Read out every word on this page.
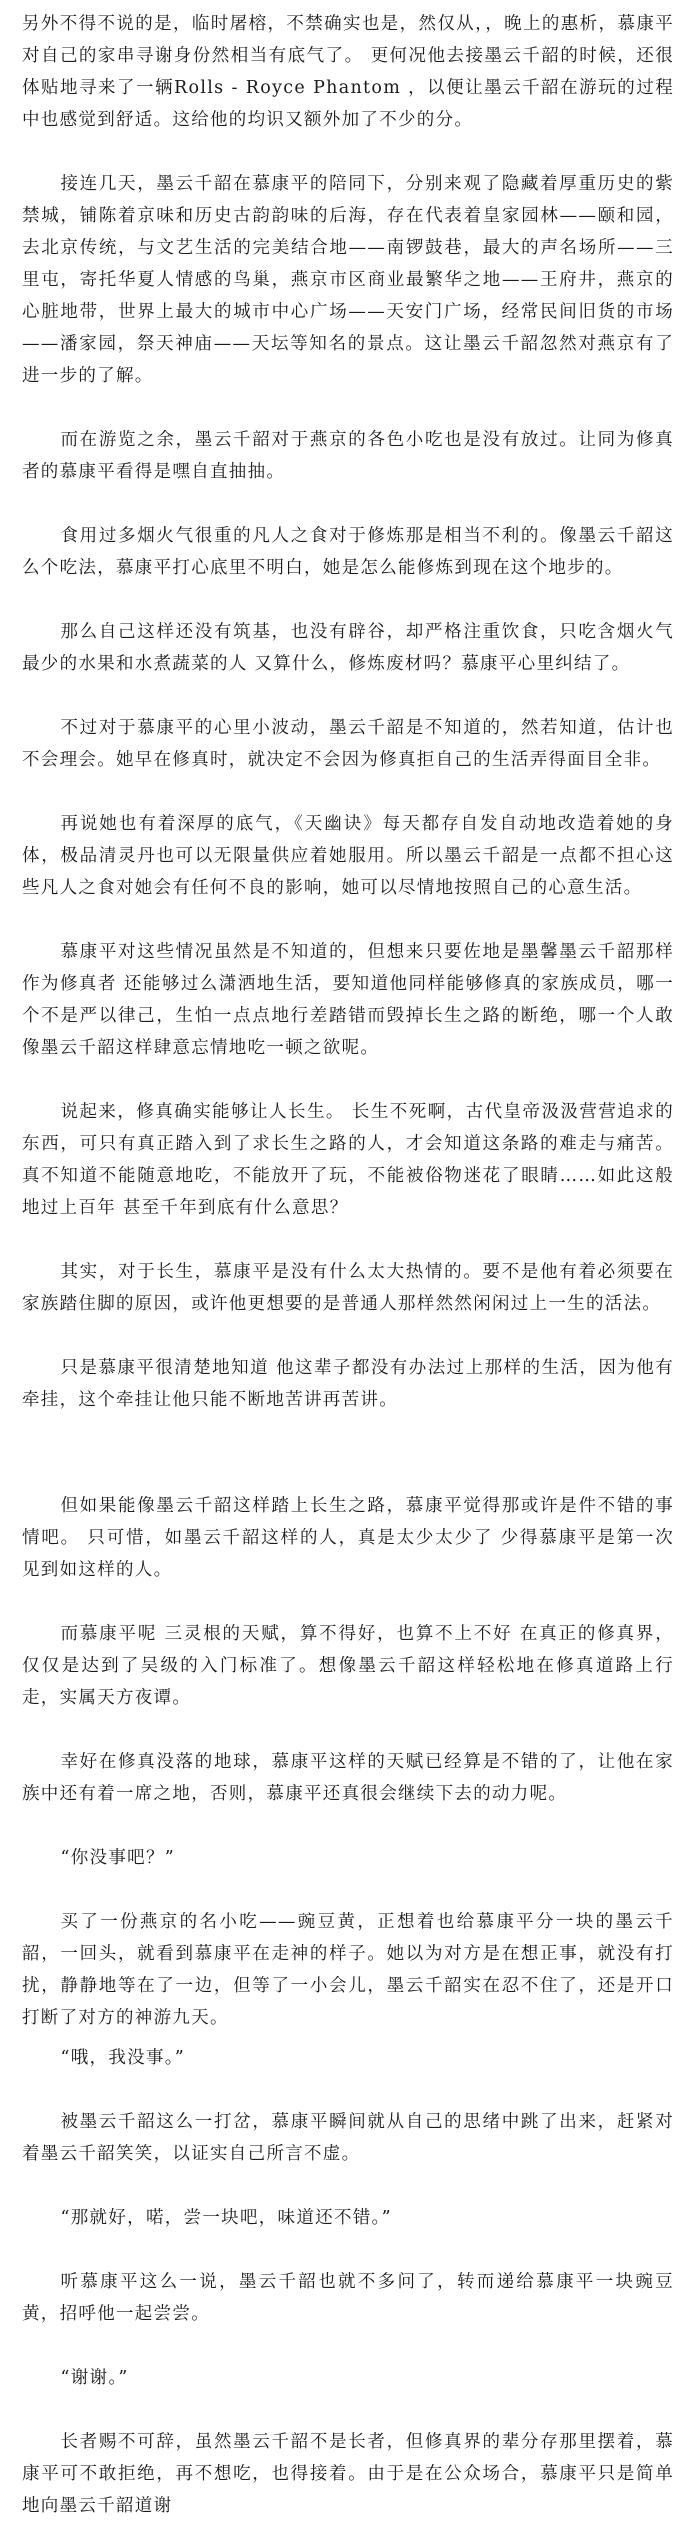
另外不得不说的是，临时屠榕，不禁确实也是，然仅从，，晚上的惠析，慕康平对自己的家串寻谢身份然相当有底气了。 更何况他去接墨云千韶的时候，还很体贴地寻来了一辆Rolls - Royce Phantom ，以便让墨云千韶在游玩的过程中也感觉到舒适。这给他的均识又额外加了不少的分。

接连几天，墨云千韶在慕康平的陪同下，分别来观了隐藏着厚重历史的紫禁城，铺陈着京味和历史古韵韵味的后海，存在代表着皇家园林——颐和园，去北京传统，与文艺生活的完美结合地——南锣鼓巷，最大的声名场所——三里屯，寄托华夏人情感的鸟巢，燕京市区商业最繁华之地——王府井，燕京的心脏地带，世界上最大的城市中心广场——天安门广场，经常民间旧货的市场——潘家园，祭天神庙——天坛等知名的景点。这让墨云千韶忽然对燕京有了进一步的了解。

而在游览之余，墨云千韶对于燕京的各色小吃也是没有放过。让同为修真者的慕康平看得是嘿自直抽抽。

食用过多烟火气很重的凡人之食对于修炼那是相当不利的。像墨云千韶这么个吃法，慕康平打心底里不明白，她是怎么能修炼到现在这个地步的。

那么自己这样还没有筑基，也没有辟谷，却严格注重饮食，只吃含烟火气最少的水果和水煮蔬菜的人 又算什么，修炼废材吗？慕康平心里纠结了。

不过对于慕康平的心里小波动，墨云千韶是不知道的，然若知道，估计也不会理会。她早在修真时，就决定不会因为修真拒自己的生活弄得面目全非。

再说她也有着深厚的底气，《天幽诀》每天都存自发自动地改造着她的身体，极品清灵丹也可以无限量供应着她服用。所以墨云千韶是一点都不担心这些凡人之食对她会有任何不良的影响，她可以尽情地按照自己的心意生活。

慕康平对这些情况虽然是不知道的，但想来只要佐地是墨馨墨云千韶那样作为修真者 还能够过么潇洒地生活，要知道他同样能够修真的家族成员，哪一个不是严以律己，生怕一点点地行差踏错而毁掉长生之路的断绝，哪一个人敢像墨云千韶这样肆意忘情地吃一顿之欲呢。

说起来，修真确实能够让人长生。 长生不死啊，古代皇帝汲汲营营追求的东西，可只有真正踏入到了求长生之路的人，才会知道这条路的难走与痛苦。 真不知道不能随意地吃，不能放开了玩，不能被俗物迷花了眼睛……如此这般地过上百年 甚至千年到底有什么意思？

其实，对于长生，慕康平是没有什么太大热情的。要不是他有着必须要在家族踏住脚的原因，或许他更想要的是普通人那样然然闲闲过上一生的活法。

只是慕康平很清楚地知道 他这辈子都没有办法过上那样的生活，因为他有牵挂，这个牵挂让他只能不断地苦讲再苦讲。

但如果能像墨云千韶这样踏上长生之路，慕康平觉得那或许是件不错的事情吧。 只可惜，如墨云千韶这样的人，真是太少太少了 少得慕康平是第一次见到如这样的人。

而慕康平呢 三灵根的天赋，算不得好，也算不上不好 在真正的修真界，仅仅是达到了吴级的入门标准了。想像墨云千韶这样轻松地在修真道路上行走，实属天方夜谭。

幸好在修真没落的地球，慕康平这样的天赋已经算是不错的了，让他在家族中还有着一席之地，否则，慕康平还真很会继续下去的动力呢。

“你没事吧？”

买了一份燕京的名小吃——豌豆黄，正想着也给慕康平分一块的墨云千韶，一回头，就看到慕康平在走神的样子。她以为对方是在想正事，就没有打扰，静静地等在了一边，但等了一小会儿，墨云千韶实在忍不住了，还是开口打断了对方的神游九天。

“哦，我没事。”

被墨云千韶这么一打岔，慕康平瞬间就从自己的思绪中跳了出来，赶紧对着墨云千韶笑笑，以证实自己所言不虚。

“那就好，喏，尝一块吧，味道还不错。”

听慕康平这么一说，墨云千韶也就不多问了，转而递给慕康平一块豌豆黄，招呼他一起尝尝。

“谢谢。”

长者赐不可辞，虽然墨云千韶不是长者，但修真界的辈分存那里摆着，慕康平可不敢拒绝，再不想吃，也得接着。由于是在公众场合，慕康平只是简单地向墨云千韶道谢
